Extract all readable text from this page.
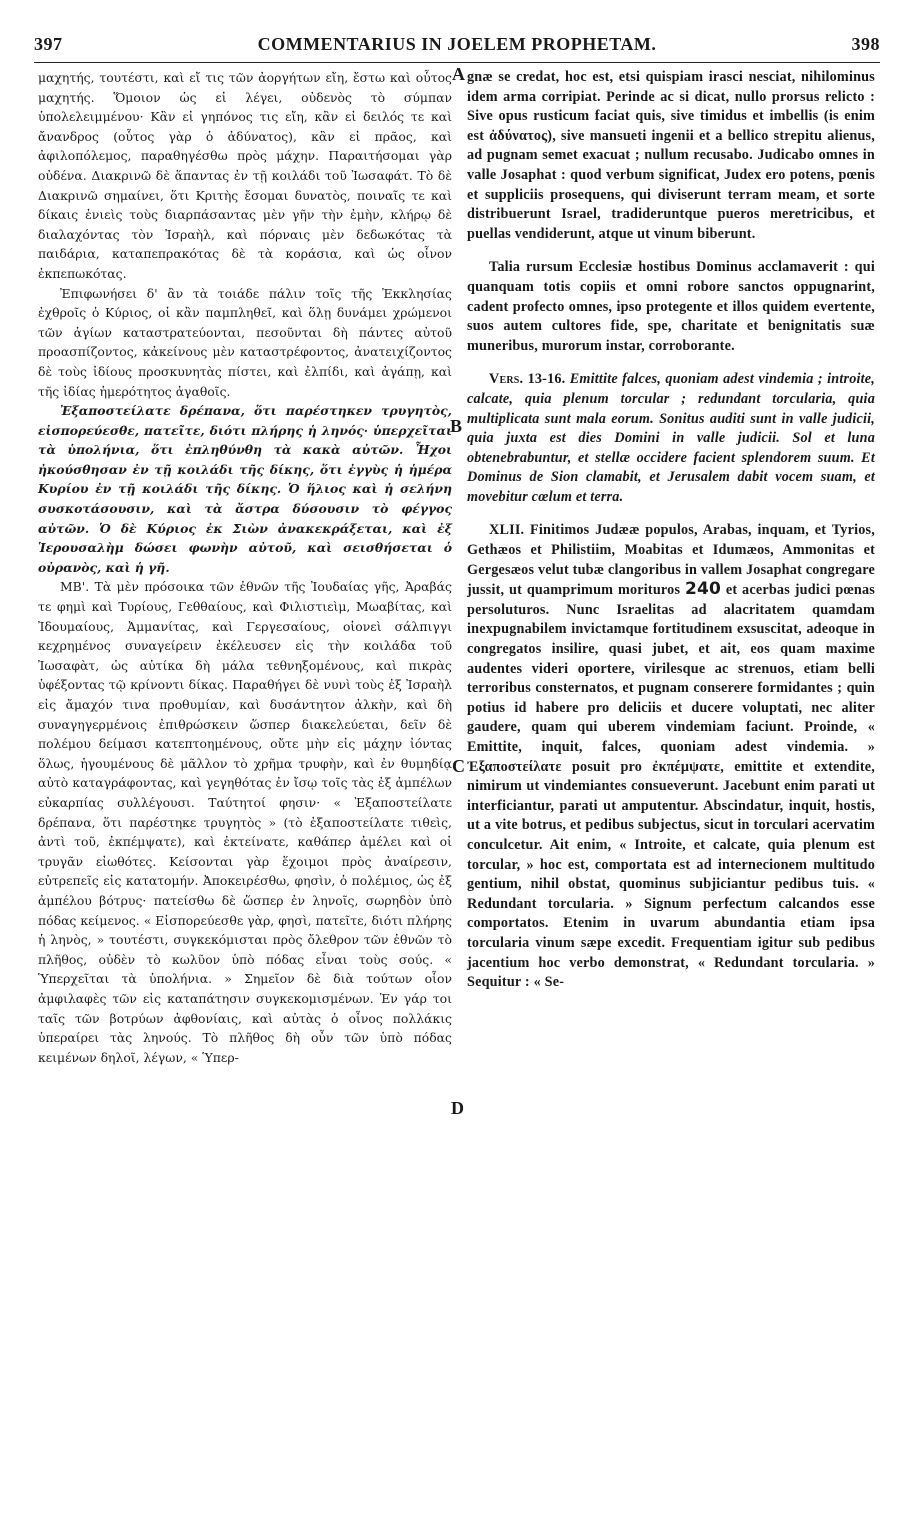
397	COMMENTARIUS IN JOELEM PROPHETAM.	398
A
B
C
D

μαχητής, τουτέστι, καὶ εἴ τις τῶν ἀοργήτων εἴη, ἔστω καὶ οὗτος μαχητής. Ὅμοιον ὡς εἰ λέγει, οὐδενὸς τὸ σύμπαν ὑπολελειμμένου· Κἂν εἰ γηπόνος τις εἴη, κἂν εἰ δειλός τε καὶ ἄνανδρος (οὗτος γὰρ ὁ ἀδύνατος), κἂν εἰ πρᾶος, καὶ ἀφιλοπόλεμος, παραθηγέσθω πρὸς μάχην. Παραιτήσομαι γὰρ οὐδένα. Διακρινῶ δὲ ἅπαντας ἐν τῇ κοιλάδι τοῦ Ἰωσαφάτ. Τὸ δὲ Διακρινῶ σημαίνει, ὅτι Κριτὴς ἔσομαι δυνατὸς, ποιναῖς τε καὶ δίκαις ἐνιεὶς τοὺς διαρπάσαντας μὲν γῆν τὴν ἐμὴν, κλήρῳ δὲ διαλαχόντας τὸν Ἰσραὴλ, καὶ πόρναις μὲν δεδωκότας τὰ παιδάρια, καταπεπρακότας δὲ τὰ κοράσια, καὶ ὡς οἶνον ἐκπεπωκότας.

Ἐπιφωνήσει δ' ἂν τὰ τοιάδε πάλιν τοῖς τῆς Ἐκκλησίας ἐχθροῖς ὁ Κύριος, οἱ κἂν παμπληθεῖ, καὶ ὅλῃ δυνάμει χρώμενοι τῶν ἁγίων καταστρατεύονται, πεσοῦνται δὴ πάντες αὐτοῦ προασπίζοντος, κἀκείνους μὲν καταστρέφοντος, ἀνατειχίζοντος δὲ τοὺς ἰδίους προσκυνητὰς πίστει, καὶ ἐλπίδι, καὶ ἀγάπῃ, καὶ τῆς ἰδίας ἡμερότητος ἀγαθοῖς.

Ἐξαποστείλατε δρέπανα, ὅτι παρέστηκεν τρυγητὸς, εἰσπορεύεσθε, πατεῖτε, διότι πλήρης ἡ ληνός· ὑπερχεῖται τὰ ὑπολήνια, ὅτι ἐπληθύνθη τὰ κακὰ αὐτῶν. Ἦχοι ἠκούσθησαν ἐν τῇ κοιλάδι τῆς δίκης, ὅτι ἐγγὺς ἡ ἡμέρα Κυρίου ἐν τῇ κοιλάδι τῆς δίκης. Ὁ ἥλιος καὶ ἡ σελήνη συσκοτάσουσιν, καὶ τὰ ἄστρα δύσουσιν τὸ φέγγος αὐτῶν. Ὁ δὲ Κύριος ἐκ Σιὼν ἀνακεκράξεται, καὶ ἐξ Ἱερουσαλὴμ δώσει φωνὴν αὐτοῦ, καὶ σεισθήσεται ὁ οὐρανὸς, καὶ ἡ γῆ.

ΜΒ'. Τὰ μὲν πρόσοικα τῶν ἐθνῶν τῆς Ἰουδαίας γῆς, Ἀραβάς τε φημὶ καὶ Τυρίους, Γεθθαίους, καὶ Φιλιστιεὶμ, Μωαβίτας, καὶ Ἰδουμαίους, Ἀμμανίτας, καὶ Γεργεσαίους, οἱονεὶ σάλπιγγι κεχρημένος συναγείρειν ἐκέλευσεν εἰς τὴν κοιλάδα τοῦ Ἰωσαφὰτ, ὡς αὐτίκα δὴ μάλα τεθνηξομένους, καὶ πικρὰς ὑφέξοντας τῷ κρίνοντι δίκας. Παραθήγει δὲ νυνὶ τοὺς ἐξ Ἰσραὴλ εἰς ἄμαχόν τινα προθυμίαν, καὶ δυσάντητον ἀλκὴν, καὶ δὴ συναγηγερμένοις ἐπιθρώσκειν ὥσπερ διακελεύεται, δεῖν δὲ πολέμου δείμασι κατεπτοημένους, οὔτε μὴν εἰς μάχην ἰόντας ὅλως, ἡγουμένους δὲ μᾶλλον τὸ χρῆμα τρυφὴν, καὶ ἐν θυμηδίᾳ αὐτὸ καταγράφοντας, καὶ γεγηθότας ἐν ἴσῳ τοῖς τὰς ἐξ ἀμπέλων εὐκαρπίας συλλέγουσι. Ταύτητοί φησιν· « Ἐξαποστείλατε δρέπανα, ὅτι παρέστηκε τρυγητὸς » (τὸ ἐξαποστείλατε τιθεὶς, ἀντὶ τοῦ, ἐκπέμψατε), καὶ ἐκτείνατε, καθάπερ ἀμέλει καὶ οἱ τρυγᾶν εἰωθότες. Κείσονται γὰρ ἕχοιμοι πρὸς ἀναίρεσιν, εὐτρεπεῖς εἰς κατατομήν. Ἀποκειρέσθω, φησὶν, ὁ πολέμιος, ὡς ἐξ ἀμπέλου βότρυς· πατείσθω δὲ ὥσπερ ἐν ληνοῖς, σωρηδὸν ὑπὸ πόδας κείμενος. « Εἰσπορεύεσθε γὰρ, φησὶ, πατεῖτε, διότι πλήρης ἡ ληνὸς, » τουτέστι, συγκεκόμισται πρὸς ὄλεθρον τῶν ἐθνῶν τὸ πλῆθος, οὐδὲν τὸ κωλῦον ὑπὸ πόδας εἶναι τοὺς σούς. « Ὑπερχεῖται τὰ ὑπολήνια. » Σημεῖον δὲ διὰ τούτων οἷον ἀμφιλαφὲς τῶν εἰς καταπάτησιν συγκεκομισμένων. Ἐν γάρ τοι ταῖς τῶν βοτρύων ἀφθονίαις, καὶ αὐτὰς ὁ οἶνος πολλάκις ὑπεραίρει τὰς ληνούς. Τὸ πλῆθος δὴ οὖν τῶν ὑπὸ πόδας κειμένων δηλοῖ, λέγων, « Ὑπερ-

gnæ se credat, hoc est, etsi quispiam irasci nesciat, nihilominus idem arma corripiat. Perinde ac si dicat, nullo prorsus relicto : Sive opus rusticum faciat quis, sive timidus et imbellis (is enim est ἀδύνατος), sive mansueti ingenii et a bellico strepitu alienus, ad pugnam semet exacuat ; nullum recusabo. Judicabo omnes in valle Josaphat : quod verbum significat, Judex ero potens, pœnis et suppliciis prosequens, qui diviserunt terram meam, et sorte distribuerunt Israel, tradideruntque pueros meretricibus, et puellas vendiderunt, atque ut vinum biberunt.

Talia rursum Ecclesiæ hostibus Dominus acclamaverit : qui quanquam totis copiis et omni robore sanctos oppugnarint, cadent profecto omnes, ipso protegente et illos quidem evertente, suos autem cultores fide, spe, charitate et benignitatis suæ muneribus, murorum instar, corroborante.

Vers. 13-16. Emittite falces, quoniam adest vindemia ; introite, calcate, quia plenum torcular ; redundant torcularia, quia multiplicata sunt mala eorum. Sonitus auditi sunt in valle judicii, quia juxta est dies Domini in valle judicii. Sol et luna obtenebrabuntur, et stellæ occidere facient splendorem suum. Et Dominus de Sion clamabit, et Jerusalem dabit vocem suam, et movebitur cœlum et terra.

XLII. Finitimos Judææ populos, Arabas, inquam, et Tyrios, Gethæos et Philistiim, Moabitas et Idumæos, Ammonitas et Gergesæos velut tubæ clangoribus in vallem Josaphat congregare jussit, ut quamprimum morituros 240 et acerbas judici pœnas persoluturos. Nunc Israelitas ad alacritatem quamdam inexpugnabilem invictamque fortitudinem exsuscitat, adeoque in congregatos insilire, quasi jubet, et ait, eos quam maxime audentes videri oportere, virilesque ac strenuos, etiam belli terroribus consternatos, et pugnam conserere formidantes ; quin potius id haberе pro deliciis et ducere voluptati, nec aliter gaudere, quam qui uberem vindemiam faciunt. Proinde, « Emittite, inquit, falces, quoniam adest vindemia. » Ἐξαποστείλατε posuit pro ἐκπέμψατε, emittite et extendite, nimirum ut vindemiantes consueverunt. Jacebunt enim parati ut interficiantur, parati ut amputentur. Abscindatur, inquit, hostis, ut a vite botrus, et pedibus subjectus, sicut in torculari acervatim conculcetur. Ait enim, « Introite, et calcate, quia plenum est torcular, » hoc est, comportata est ad internecionem multitudo gentium, nihil obstat, quominus subjiciantur pedibus tuis. « Redundant torcularia. » Signum perfectum calcandos esse comportatos. Etenim in uvarum abundantia etiam ipsa torcularia vinum sæpe excedit. Frequentiam igitur sub pedibus jacentium hoc verbo demonstrat, « Redundant torcularia. » Sequitur : « Se-
